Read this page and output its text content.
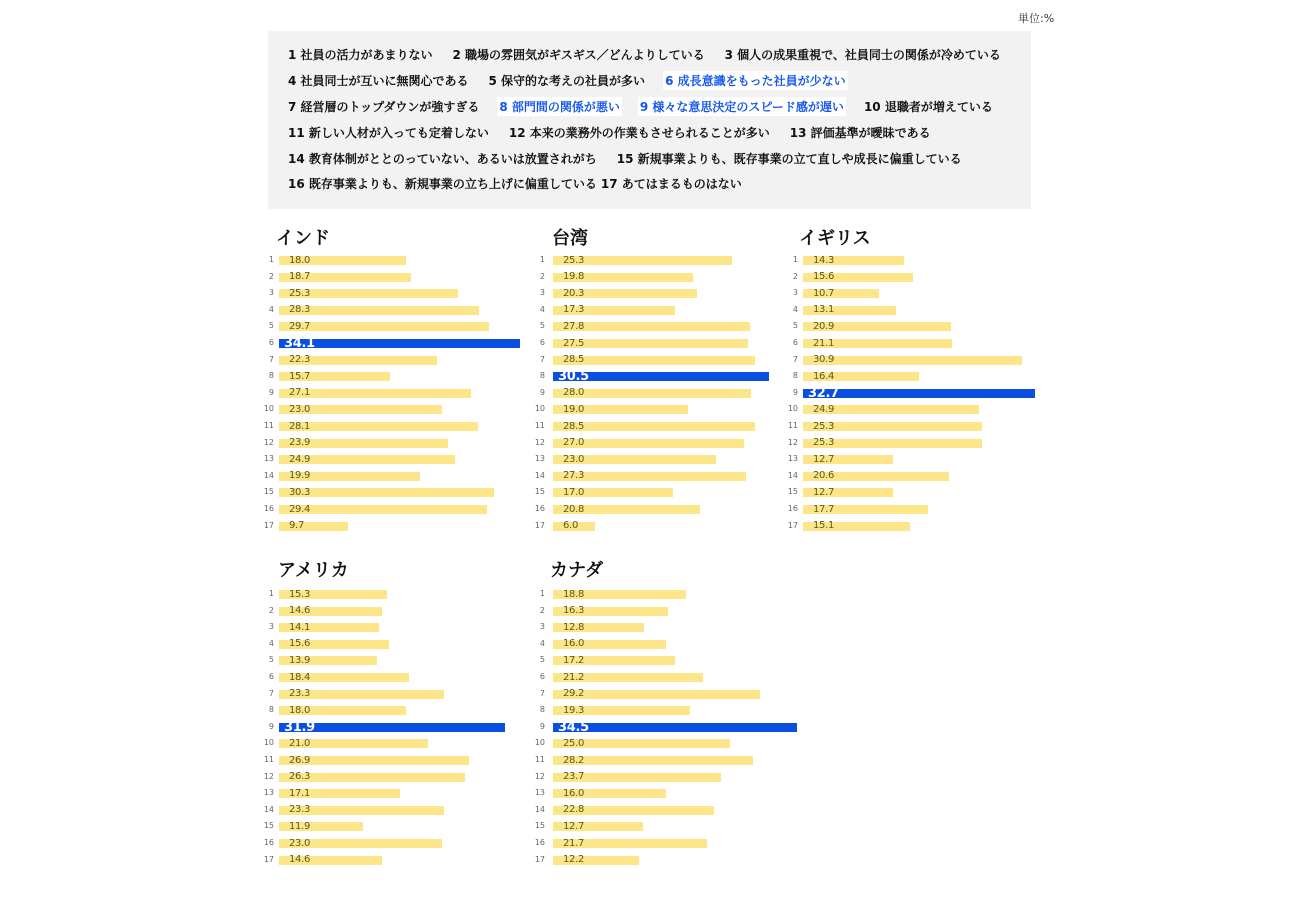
単位:%
1 社員の活力があまりない 2 職場の雰囲気がギスギス／どんよりしている 3 個人の成果重視で、社員同士の関係が冷めている
4 社員同士が互いに無関心である 5 保守的な考えの社員が多い 6 成長意識をもった社員が少ない
7 経営層のトップダウンが強すぎる 8 部門間の関係が悪い 9 様々な意思決定のスピード感が遅い 10 退職者が増えている
11 新しい人材が入っても定着しない 12 本来の業務外の作業もさせられることが多い 13 評価基準が曖昧である
14 教育体制がととのっていない、あるいは放置されがち 15 新規事業よりも、既存事業の立て直しや成長に偏重している
16 既存事業よりも、新規事業の立ち上げに偏重している 17 あてはまるものはない
インド
1 18.0
2 18.7
3 25.3
4 28.3
5 29.7
6 34.1
7 22.3
8 15.7
9 27.1
10 23.0
11 28.1
12 23.9
13 24.9
14 19.9
15 30.3
16 29.4
17 9.7
台湾
1 25.3
2 19.8
3 20.3
4 17.3
5 27.8
6 27.5
7 28.5
8 30.5
9 28.0
10 19.0
11 28.5
12 27.0
13 23.0
14 27.3
15 17.0
16 20.8
17 6.0
イギリス
1 14.3
2 15.6
3 10.7
4 13.1
5 20.9
6 21.1
7 30.9
8 16.4
9 32.7
10 24.9
11 25.3
12 25.3
13 12.7
14 20.6
15 12.7
16 17.7
17 15.1
アメリカ
1 15.3
2 14.6
3 14.1
4 15.6
5 13.9
6 18.4
7 23.3
8 18.0
9 31.9
10 21.0
11 26.9
12 26.3
13 17.1
14 23.3
15 11.9
16 23.0
17 14.6
カナダ
1 18.8
2 16.3
3 12.8
4 16.0
5 17.2
6 21.2
7 29.2
8 19.3
9 34.5
10 25.0
11 28.2
12 23.7
13 16.0
14 22.8
15 12.7
16 21.7
17 12.2
